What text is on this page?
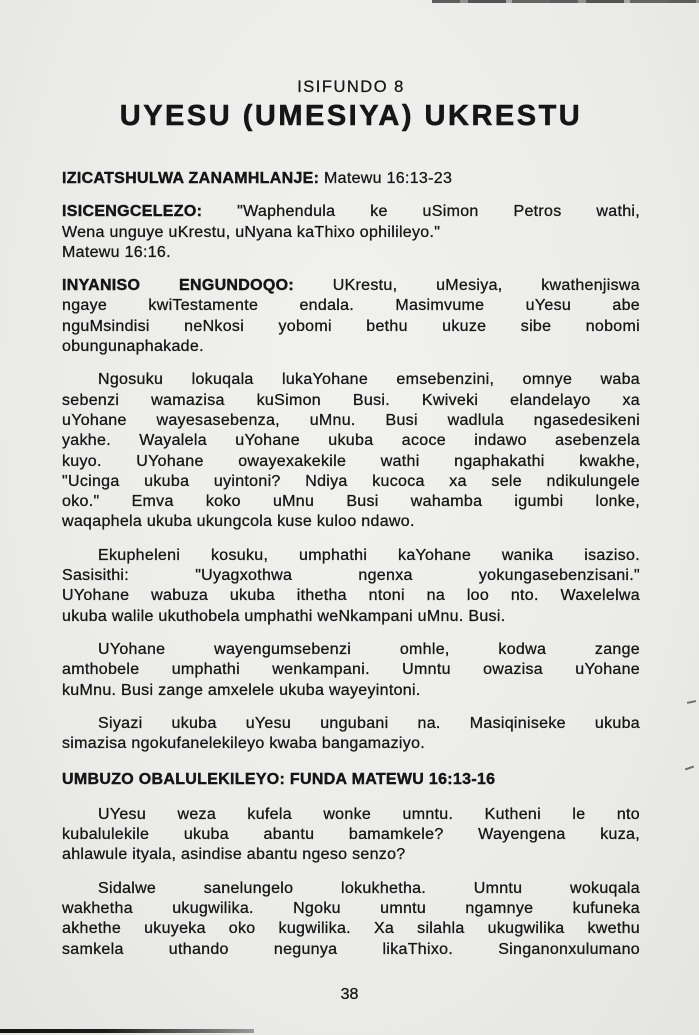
ISIFUNDO 8
UYESU (UMESIYA) UKRESTU
IZICATSHULWA ZANAMHLANJE: Matewu 16:13-23
ISICENGCELEZO: "Waphendula ke uSimon Petros wathi,
Wena unguye uKrestu, uNyana kaThixo ophilileyo."
Matewu 16:16.
INYANISO ENGUNDOQO: UKrestu, uMesiya, kwathenjiswa
ngaye kwiTestamente endala. Masimvume uYesu abe
nguMsindisi neNkosi yobomi bethu ukuze sibe nobomi
obungunaphakade.
Ngosuku lokuqala lukaYohane emsebenzini, omnye waba
sebenzi wamazisa kuSimon Busi. Kwiveki elandelayo xa
uYohane wayesasebenza, uMnu. Busi wadlula ngasedesikeni
yakhe. Wayalela uYohane ukuba acoce indawo asebenzela
kuyo. UYohane owayexakekile wathi ngaphakathi kwakhe,
"Ucinga ukuba uyintoni? Ndiya kucoca xa sele ndikulungele
oko." Emva koko uMnu Busi wahamba igumbi lonke,
waqaphela ukuba ukungcola kuse kuloo ndawo.
Ekupheleni kosuku, umphathi kaYohane wanika isaziso.
Sasisithi: "Uyagxothwa ngenxa yokungasebenzisani."
UYohane wabuza ukuba ithetha ntoni na loo nto. Waxelelwa
ukuba walile ukuthobela umphathi weNkampani uMnu. Busi.
UYohane wayengumsebenzi omhle, kodwa zange
amthobele umphathi wenkampani. Umntu owazisa uYohane
kuMnu. Busi zange amxelele ukuba wayeyintoni.
Siyazi ukuba uYesu ungubani na. Masiqiniseke ukuba
simazisa ngokufanelekileyo kwaba bangamaziyo.
UMBUZO OBALULEKILEYO: FUNDA MATEWU 16:13-16
UYesu weza kufela wonke umntu. Kutheni le nto
kubalulekile ukuba abantu bamamkele? Wayengena kuza,
ahlawule ityala, asindise abantu ngeso senzo?
Sidalwe sanelungelo lokukhetha. Umntu wokuqala
wakhetha ukugwilika. Ngoku umntu ngamnye kufuneka
akhethe ukuyeka oko kugwilika. Xa silahla ukugwilika kwethu
samkela uthando negunya likaThixo. Singanonxulumano
38
